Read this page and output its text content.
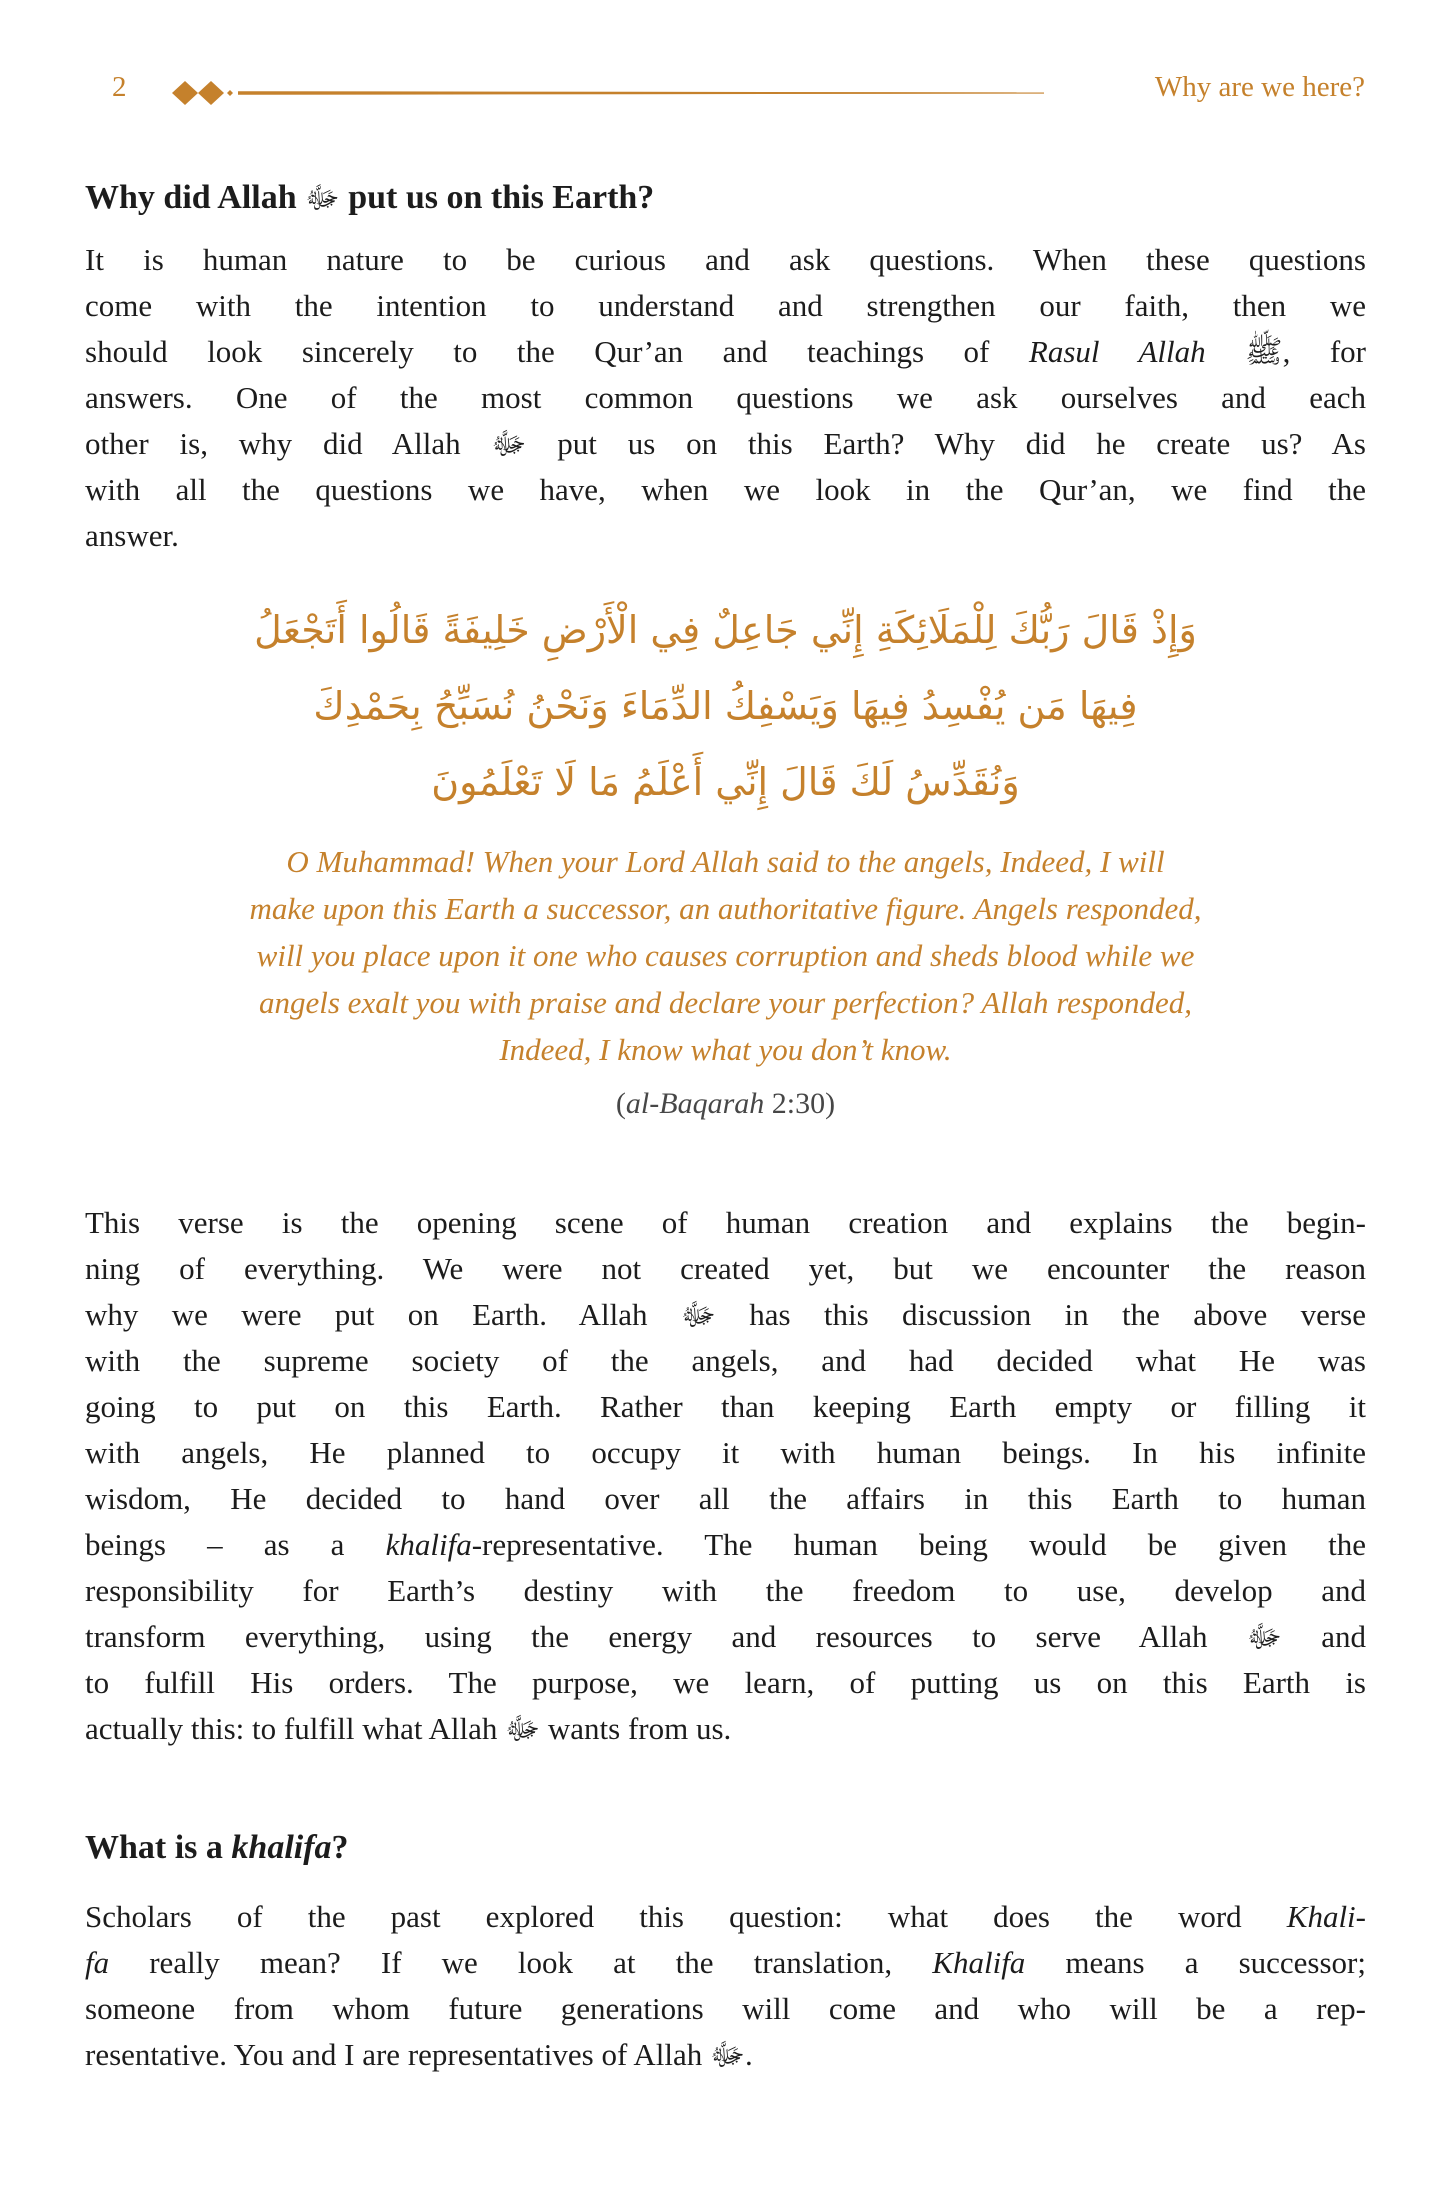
2	Why are we here?
Why did Allah ﷻ put us on this Earth?
It is human nature to be curious and ask questions. When these questions
come with the intention to understand and strengthen our faith, then we
should look sincerely to the Qur’an and teachings of Rasul Allah ﷺ, for
answers. One of the most common questions we ask ourselves and each
other is, why did Allah ﷻ put us on this Earth? Why did he create us? As
with all the questions we have, when we look in the Qur’an, we find the
answer.
وَإِذْ قَالَ رَبُّكَ لِلْمَلَائِكَةِ إِنِّي جَاعِلٌ فِي الْأَرْضِ خَلِيفَةً قَالُوا أَتَجْعَلُ
فِيهَا مَن يُفْسِدُ فِيهَا وَيَسْفِكُ الدِّمَاءَ وَنَحْنُ نُسَبِّحُ بِحَمْدِكَ
وَنُقَدِّسُ لَكَ قَالَ إِنِّي أَعْلَمُ مَا لَا تَعْلَمُونَ
O Muhammad! When your Lord Allah said to the angels, Indeed, I will
make upon this Earth a successor, an authoritative figure. Angels responded,
will you place upon it one who causes corruption and sheds blood while we
angels exalt you with praise and declare your perfection? Allah responded,
Indeed, I know what you don’t know.
(al-Baqarah 2:30)
This verse is the opening scene of human creation and explains the begin-
ning of everything. We were not created yet, but we encounter the reason
why we were put on Earth. Allah ﷻ has this discussion in the above verse
with the supreme society of the angels, and had decided what He was
going to put on this Earth. Rather than keeping Earth empty or filling it
with angels, He planned to occupy it with human beings. In his infinite
wisdom, He decided to hand over all the affairs in this Earth to human
beings – as a khalifa-representative. The human being would be given the
responsibility for Earth’s destiny with the freedom to use, develop and
transform everything, using the energy and resources to serve Allah ﷻ and
to fulfill His orders. The purpose, we learn, of putting us on this Earth is
actually this: to fulfill what Allah ﷻ wants from us.
What is a khalifa?
Scholars of the past explored this question: what does the word Khali-
fa really mean? If we look at the translation, Khalifa means a successor;
someone from whom future generations will come and who will be a rep-
resentative. You and I are representatives of Allah ﷻ.
